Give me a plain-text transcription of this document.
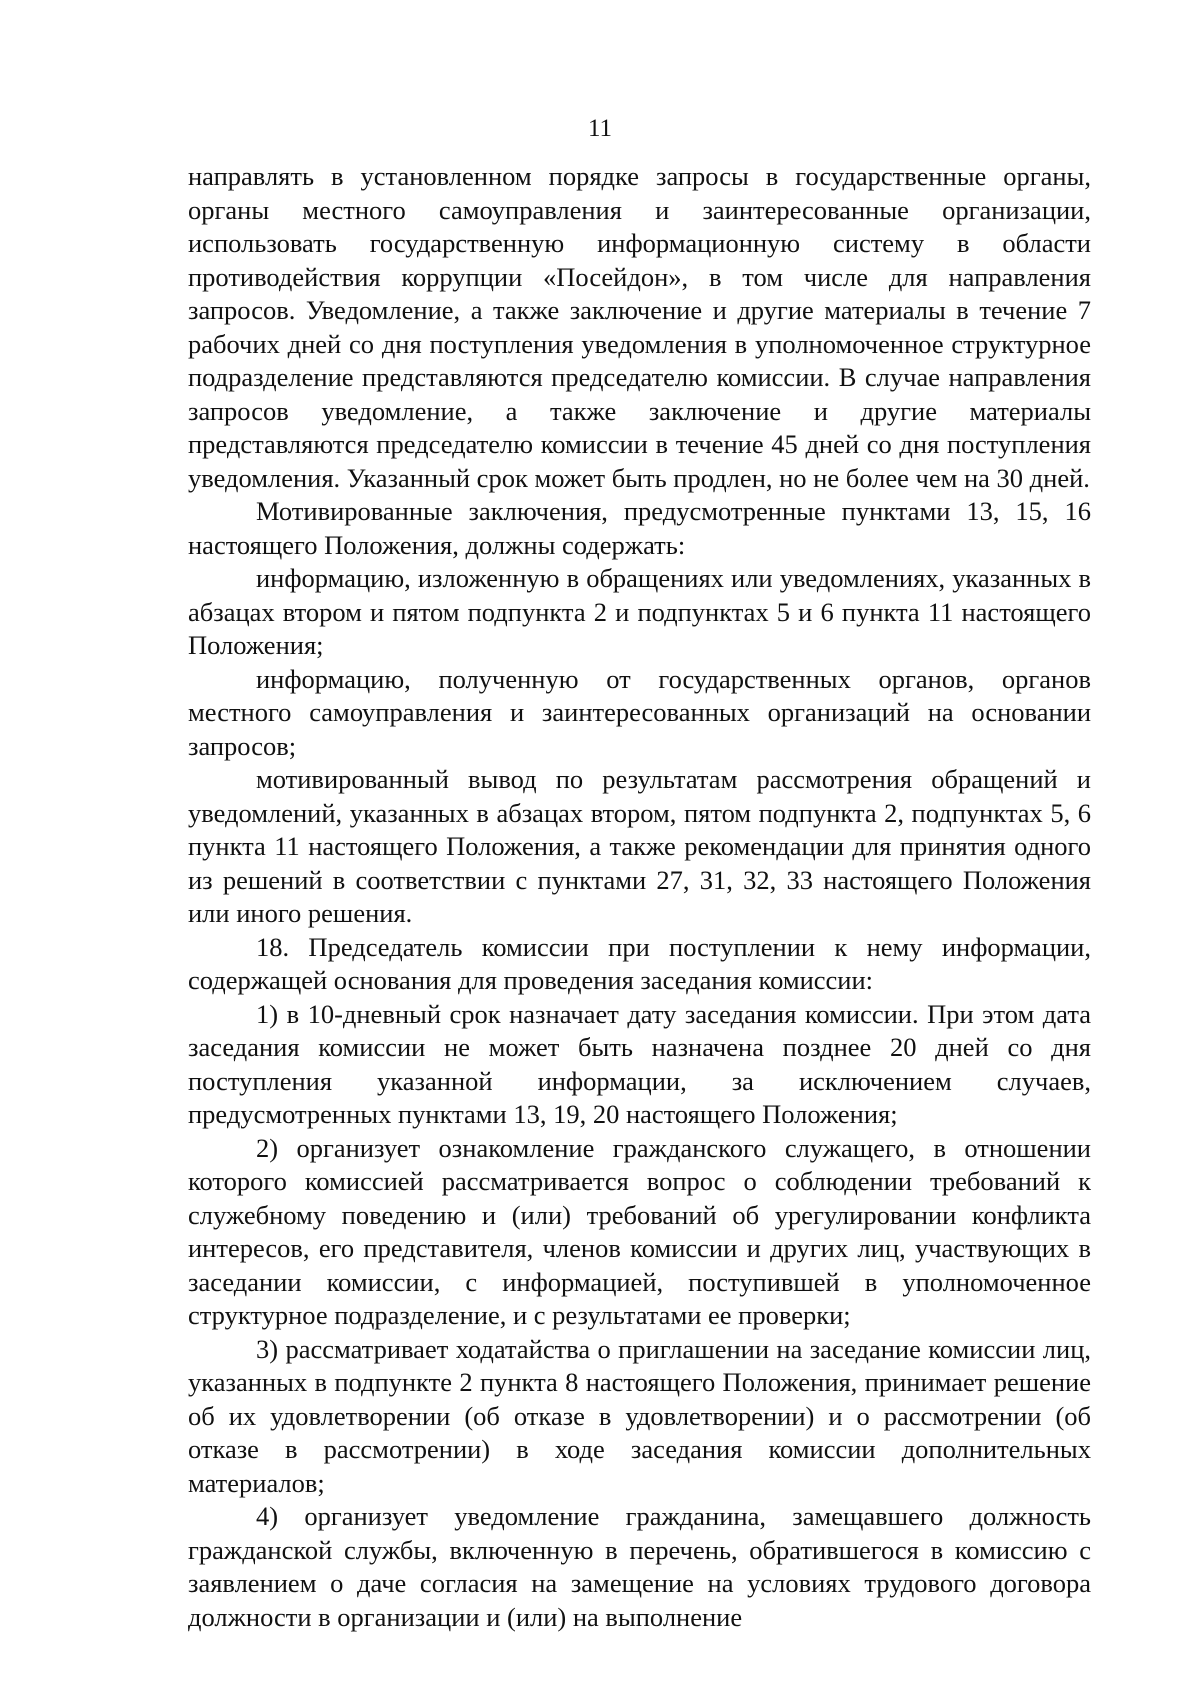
11

направлять в установленном порядке запросы в государственные органы, органы местного самоуправления и заинтересованные организации, использовать государственную информационную систему в области противодействия коррупции «Посейдон», в том числе для направления запросов. Уведомление, а также заключение и другие материалы в течение 7 рабочих дней со дня поступления уведомления в уполномоченное структурное подразделение представляются председателю комиссии. В случае направления запросов уведомление, а также заключение и другие материалы представляются председателю комиссии в течение 45 дней со дня поступления уведомления. Указанный срок может быть продлен, но не более чем на 30 дней.

Мотивированные заключения, предусмотренные пунктами 13, 15, 16 настоящего Положения, должны содержать:

информацию, изложенную в обращениях или уведомлениях, указанных в абзацах втором и пятом подпункта 2 и подпунктах 5 и 6 пункта 11 настоящего Положения;

информацию, полученную от государственных органов, органов местного самоуправления и заинтересованных организаций на основании запросов;

мотивированный вывод по результатам рассмотрения обращений и уведомлений, указанных в абзацах втором, пятом подпункта 2, подпунктах 5, 6 пункта 11 настоящего Положения, а также рекомендации для принятия одного из решений в соответствии с пунктами 27, 31, 32, 33 настоящего Положения или иного решения.

18. Председатель комиссии при поступлении к нему информации, содержащей основания для проведения заседания комиссии:

1) в 10-дневный срок назначает дату заседания комиссии. При этом дата заседания комиссии не может быть назначена позднее 20 дней со дня поступления указанной информации, за исключением случаев, предусмотренных пунктами 13, 19, 20 настоящего Положения;

2) организует ознакомление гражданского служащего, в отношении которого комиссией рассматривается вопрос о соблюдении требований к служебному поведению и (или) требований об урегулировании конфликта интересов, его представителя, членов комиссии и других лиц, участвующих в заседании комиссии, с информацией, поступившей в уполномоченное структурное подразделение, и с результатами ее проверки;

3) рассматривает ходатайства о приглашении на заседание комиссии лиц, указанных в подпункте 2 пункта 8 настоящего Положения, принимает решение об их удовлетворении (об отказе в удовлетворении) и о рассмотрении (об отказе в рассмотрении) в ходе заседания комиссии дополнительных материалов;

4) организует уведомление гражданина, замещавшего должность гражданской службы, включенную в перечень, обратившегося в комиссию с заявлением о даче согласия на замещение на условиях трудового договора должности в организации и (или) на выполнение
